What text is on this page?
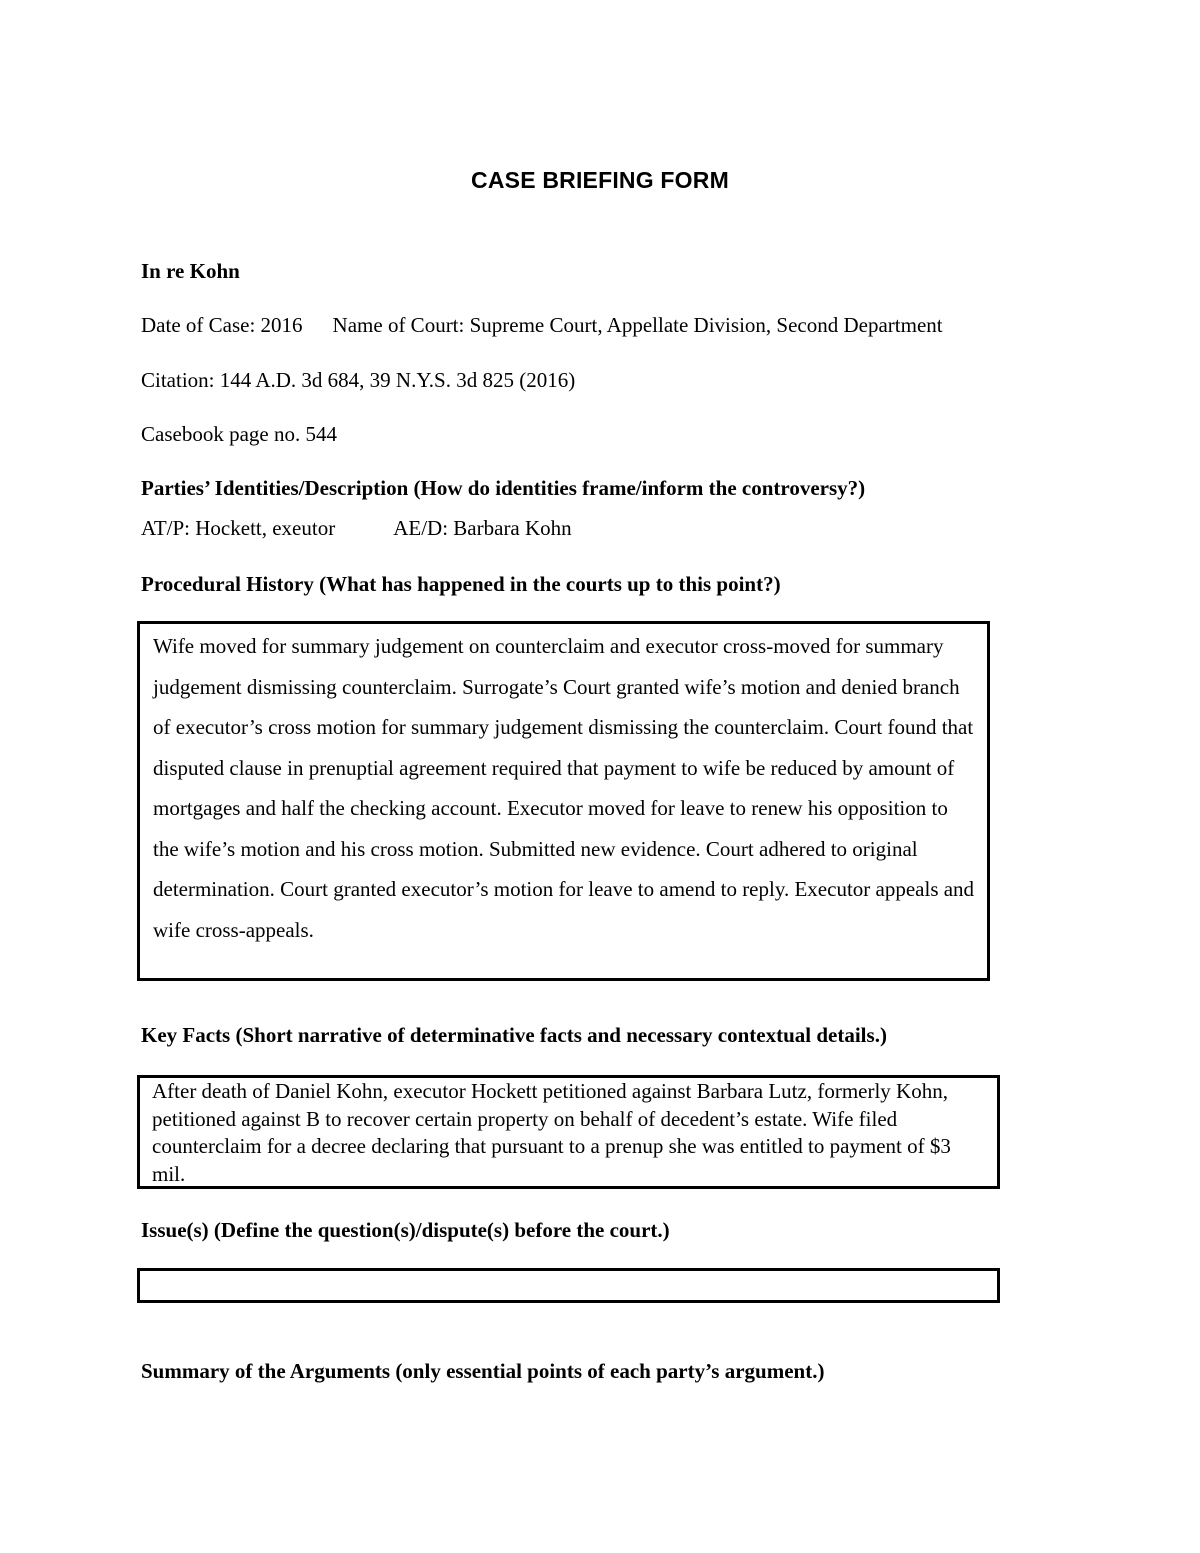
CASE BRIEFING FORM
In re Kohn
Date of Case: 2016 Name of Court: Supreme Court, Appellate Division, Second Department
Citation: 144 A.D. 3d 684, 39 N.Y.S. 3d 825 (2016)
Casebook page no. 544
Parties’ Identities/Description (How do identities frame/inform the controversy?)
AT/P: Hockett, exeutor	AE/D: Barbara Kohn
Procedural History (What has happened in the courts up to this point?)

Wife moved for summary judgement on counterclaim and executor cross-moved for summary judgement dismissing counterclaim. Surrogate’s Court granted wife’s motion and denied branch of executor’s cross motion for summary judgement dismissing the counterclaim. Court found that disputed clause in prenuptial agreement required that payment to wife be reduced by amount of mortgages and half the checking account. Executor moved for leave to renew his opposition to the wife’s motion and his cross motion. Submitted new evidence. Court adhered to original determination. Court granted executor’s motion for leave to amend to reply. Executor appeals and wife cross-appeals.

Key Facts (Short narrative of determinative facts and necessary contextual details.)

After death of Daniel Kohn, executor Hockett petitioned against Barbara Lutz, formerly Kohn, petitioned against B to recover certain property on behalf of decedent’s estate. Wife filed counterclaim for a decree declaring that pursuant to a prenup she was entitled to payment of $3 mil.

Issue(s) (Define the question(s)/dispute(s) before the court.)
Summary of the Arguments (only essential points of each party’s argument.)
